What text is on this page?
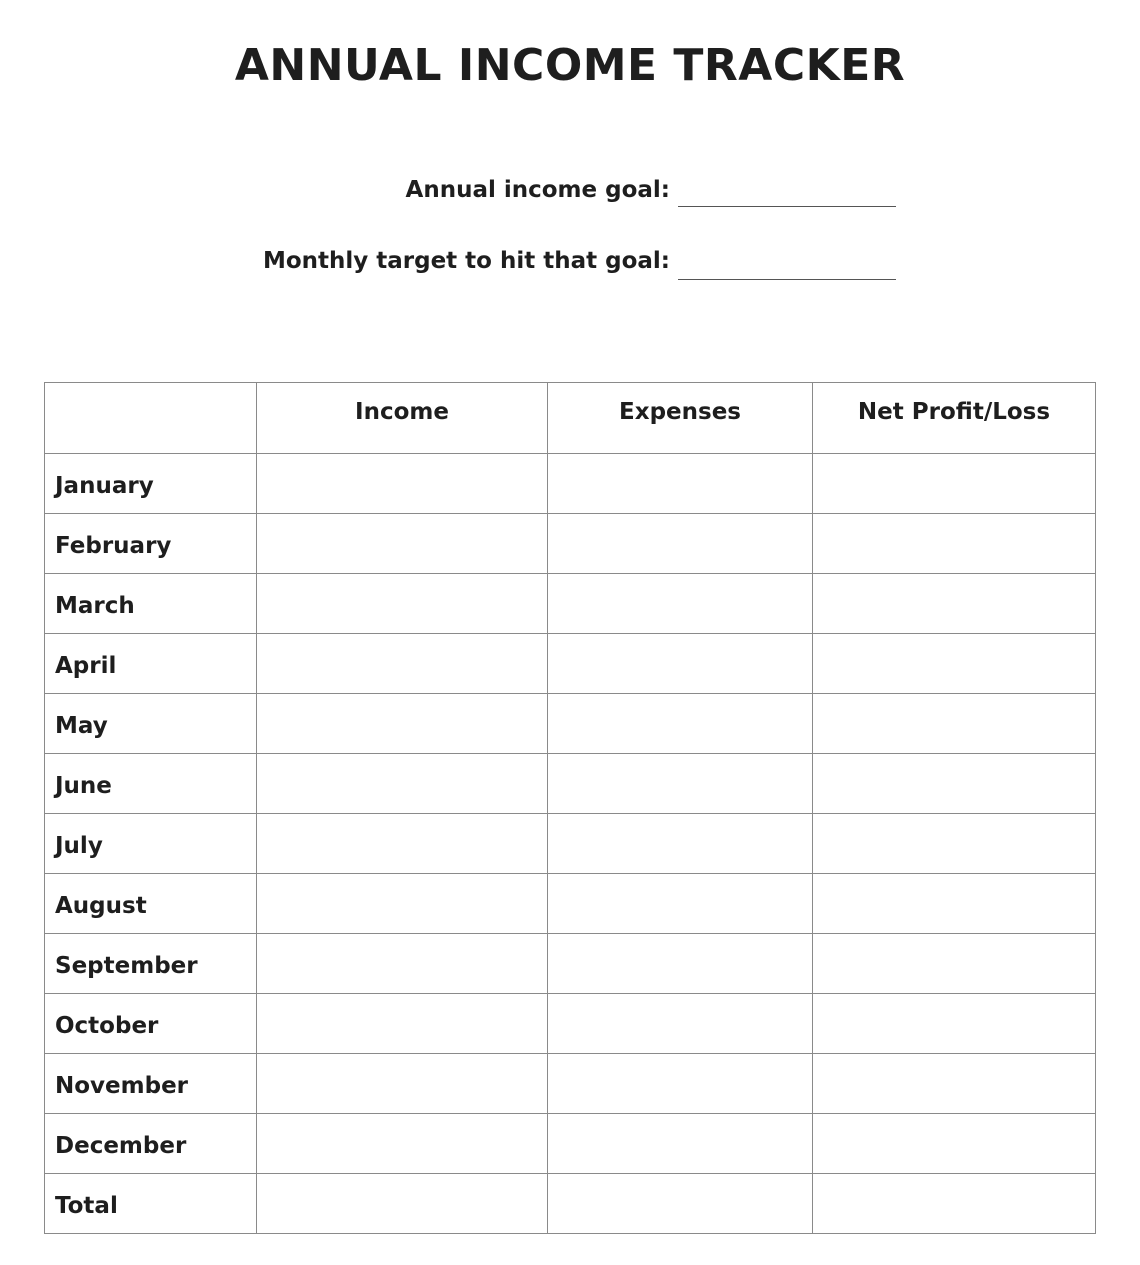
ANNUAL INCOME TRACKER
Annual income goal:
Monthly target to hit that goal:
	Income	Expenses	Net Profit/Loss
January			
February			
March			
April			
May			
June			
July			
August			
September			
October			
November			
December			
Total			
